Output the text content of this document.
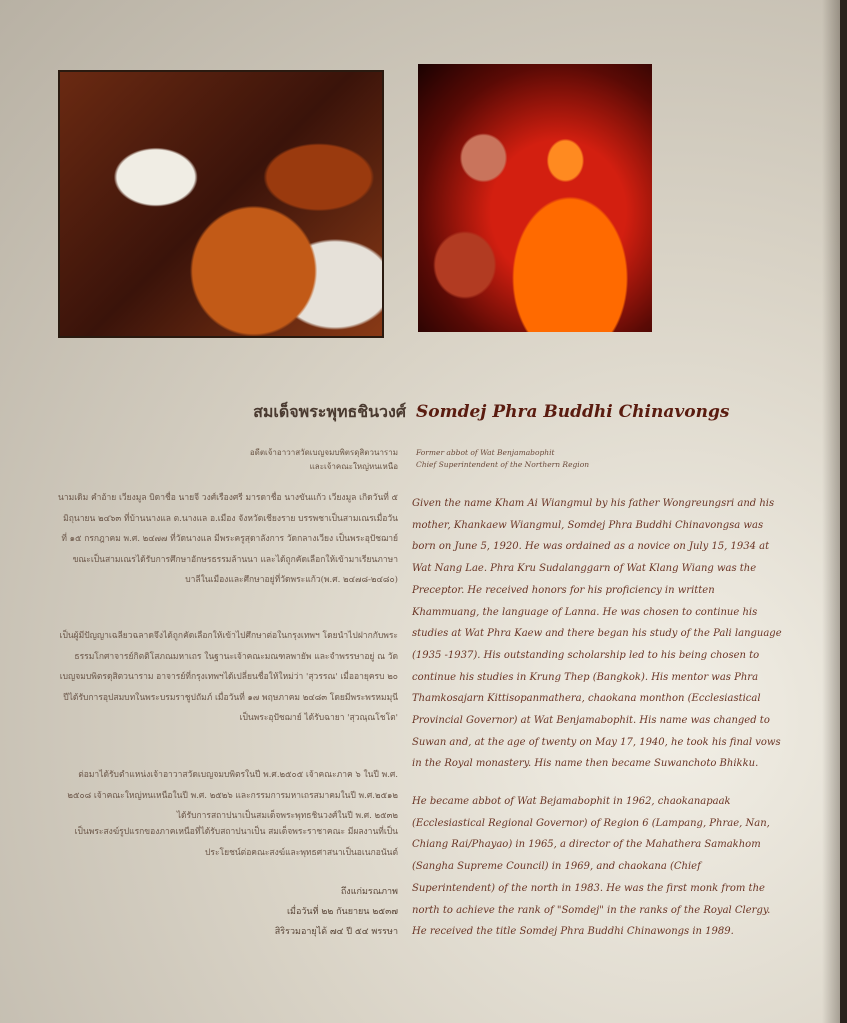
สมเด็จพระพุทธชินวงศ์
อดีตเจ้าอาวาสวัดเบญจมบพิตรดุสิตวนาราม
และเจ้าคณะใหญ่หนเหนือ
นามเดิม คำอ้าย เวียงมูล บิดาชื่อ นายจี วงศ์เรืองศรี มารดาชื่อ นางขันแก้ว เวียงมูล เกิดวันที่ ๕ มิถุนายน ๒๔๖๓ ที่บ้านนางแล ต.นางแล อ.เมือง จังหวัดเชียงราย บรรพชาเป็นสามเณรเมื่อวันที่ ๑๕ กรกฎาคม พ.ศ. ๒๔๗๗ ที่วัดนางแล มีพระครูสุดาลังการ วัดกลางเวียง เป็นพระอุปัชฌาย์ ขณะเป็นสามเณรได้รับการศึกษาอักษรธรรมล้านนา และได้ถูกคัดเลือกให้เข้ามาเรียนภาษาบาลีในเมืองและศึกษาอยู่ที่วัดพระแก้ว(พ.ศ. ๒๔๗๘-๒๔๘๐)
เป็นผู้มีปัญญาเฉลียวฉลาดจึงได้ถูกคัดเลือกให้เข้าไปศึกษาต่อในกรุงเทพฯ โดยนำไปฝากกับพระธรรมโกศาจารย์กิตติโสภณมหาเถร ในฐานะเจ้าคณะมณฑลพายัพ และจำพรรษาอยู่ ณ วัดเบญจมบพิตรดุสิตวนาราม อาจารย์ที่กรุงเทพฯได้เปลี่ยนชื่อให้ใหม่ว่า 'สุวรรณ' เมื่ออายุครบ ๒๐ ปีได้รับการอุปสมบทในพระบรมราชูปถัมภ์ เมื่อวันที่ ๑๗ พฤษภาคม ๒๔๘๓ โดยมีพระพรหมมุนีเป็นพระอุปัชฌาย์ ได้รับฉายา 'สุวณฺณโชโต'
ต่อมาได้รับตำแหน่งเจ้าอาวาสวัดเบญจมบพิตรในปี พ.ศ.๒๕๐๕ เจ้าคณะภาค ๖ ในปี พ.ศ. ๒๕๐๘ เจ้าคณะใหญ่หนเหนือในปี พ.ศ. ๒๕๒๖ และกรรมการมหาเถรสมาคมในปี พ.ศ.๒๕๑๒ ได้รับการสถาปนาเป็นสมเด็จพระพุทธชินวงศ์ในปี พ.ศ. ๒๕๓๒
เป็นพระสงฆ์รูปแรกของภาคเหนือที่ได้รับสถาปนาเป็น สมเด็จพระราชาคณะ มีผลงานที่เป็นประโยชน์ต่อคณะสงฆ์และพุทธศาสนาเป็นอเนกอนันต์
ถึงแก่มรณภาพ
เมื่อวันที่ ๒๒ กันยายน ๒๕๓๗
สิริรวมอายุได้ ๗๔ ปี ๕๔ พรรษา
Somdej Phra Buddhi Chinavongs
Former abbot of Wat Benjamabophit
Chief Superintendent of the Northern Region
Given the name Kham Ai Wiangmul by his father Wongreungsri and his mother, Khankaew Wiangmul, Somdej Phra Buddhi Chinavongsa was born on June 5, 1920. He was ordained as a novice on July 15, 1934 at Wat Nang Lae. Phra Kru Sudalanggarn of Wat Klang Wiang was the Preceptor. He received honors for his proficiency in written Khammuang, the language of Lanna. He was chosen to continue his studies at Wat Phra Kaew and there began his study of the Pali language (1935 -1937). His outstanding scholarship led to his being chosen to continue his studies in Krung Thep (Bangkok). His mentor was Phra Thamkosajarn Kittisopanmathera, chaokana monthon (Ecclesiastical Provincial Governor) at Wat Benjamabophit. His name was changed to Suwan and, at the age of twenty on May 17, 1940, he took his final vows in the Royal monastery. His name then became Suwanchoto Bhikku.
He became abbot of Wat Bejamabophit in 1962, chaokanapaak (Ecclesiastical Regional Governor) of Region 6 (Lampang, Phrae, Nan, Chiang Rai/Phayao) in 1965, a director of the Mahathera Samakhom (Sangha Supreme Council) in 1969, and chaokana (Chief Superintendent) of the north in 1983. He was the first monk from the north to achieve the rank of "Somdej" in the ranks of the Royal Clergy. He received the title Somdej Phra Buddhi Chinawongs in 1989.
